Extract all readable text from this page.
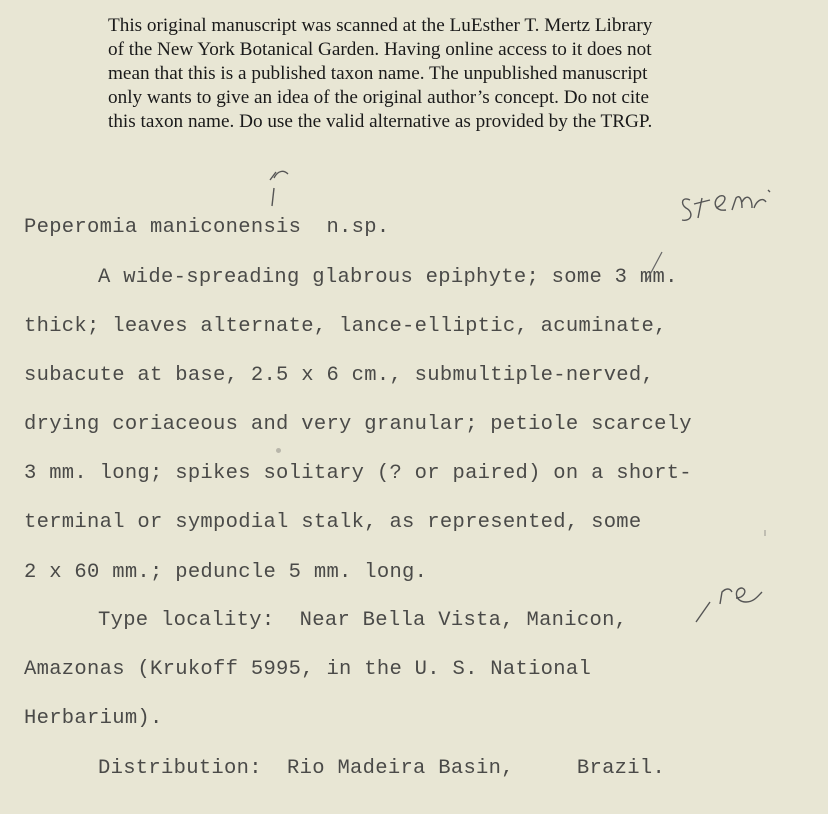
This original manuscript was scanned at the LuEsther T. Mertz Library

of the New York Botanical Garden. Having online access to it does not

mean that this is a published taxon name. The unpublished manuscript

only wants to give an idea of the original author’s concept. Do not cite

this taxon name. Do use the valid alternative as provided by the TRGP.

Peperomia maniconensis  n.sp.
A wide-spreading glabrous epiphyte; some 3 mm.
thick; leaves alternate, lance-elliptic, acuminate,
subacute at base, 2.5 x 6 cm., submultiple-nerved,
drying coriaceous and very granular; petiole scarcely
3 mm. long; spikes solitary (? or paired) on a short-
terminal or sympodial stalk, as represented, some
2 x 60 mm.; peduncle 5 mm. long.
Type locality:  Near Bella Vista, Manicon,
Amazonas (Krukoff 5995, in the U. S. National
Herbarium).
Distribution:  Rio Madeira Basin,     Brazil.
